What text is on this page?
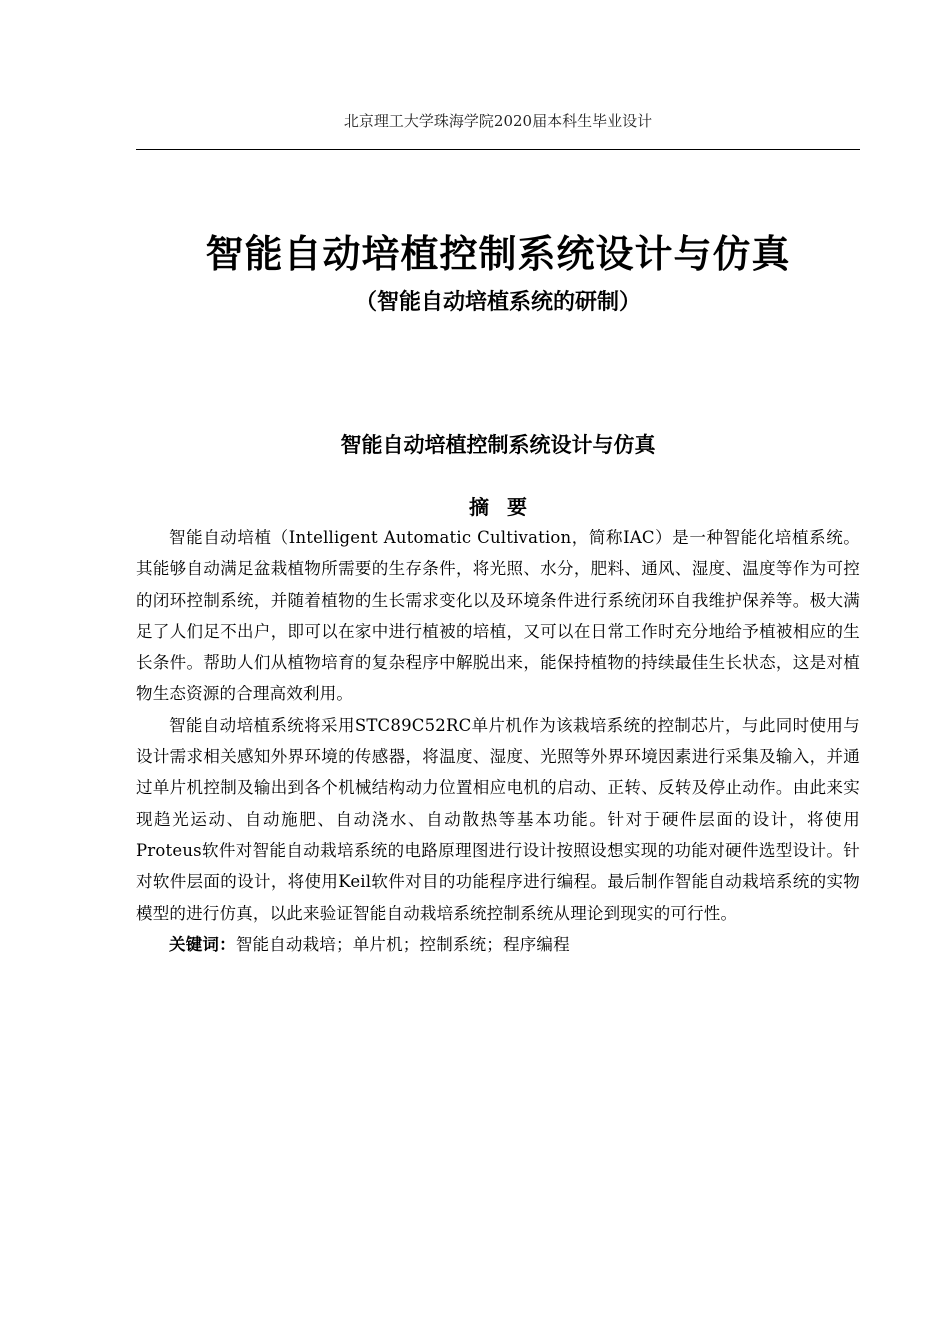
北京理工大学珠海学院2020届本科生毕业设计
智能自动培植控制系统设计与仿真
（智能自动培植系统的研制）
智能自动培植控制系统设计与仿真
摘要

智能自动培植（Intelligent Automatic Cultivation，简称IAC）是一种智能化培植系统。其能够自动满足盆栽植物所需要的生存条件，将光照、水分，肥料、通风、湿度、温度等作为可控的闭环控制系统，并随着植物的生长需求变化以及环境条件进行系统闭环自我维护保养等。极大满足了人们足不出户，即可以在家中进行植被的培植，又可以在日常工作时充分地给予植被相应的生长条件。帮助人们从植物培育的复杂程序中解脱出来，能保持植物的持续最佳生长状态，这是对植物生态资源的合理高效利用。

智能自动培植系统将采用STC89C52RC单片机作为该栽培系统的控制芯片，与此同时使用与设计需求相关感知外界环境的传感器，将温度、湿度、光照等外界环境因素进行采集及输入，并通过单片机控制及输出到各个机械结构动力位置相应电机的启动、正转、反转及停止动作。由此来实现趋光运动、自动施肥、自动浇水、自动散热等基本功能。针对于硬件层面的设计，将使用Proteus软件对智能自动栽培系统的电路原理图进行设计按照设想实现的功能对硬件选型设计。针对软件层面的设计，将使用Keil软件对目的功能程序进行编程。最后制作智能自动栽培系统的实物模型的进行仿真，以此来验证智能自动栽培系统控制系统从理论到现实的可行性。

关键词：智能自动栽培；单片机；控制系统；程序编程
